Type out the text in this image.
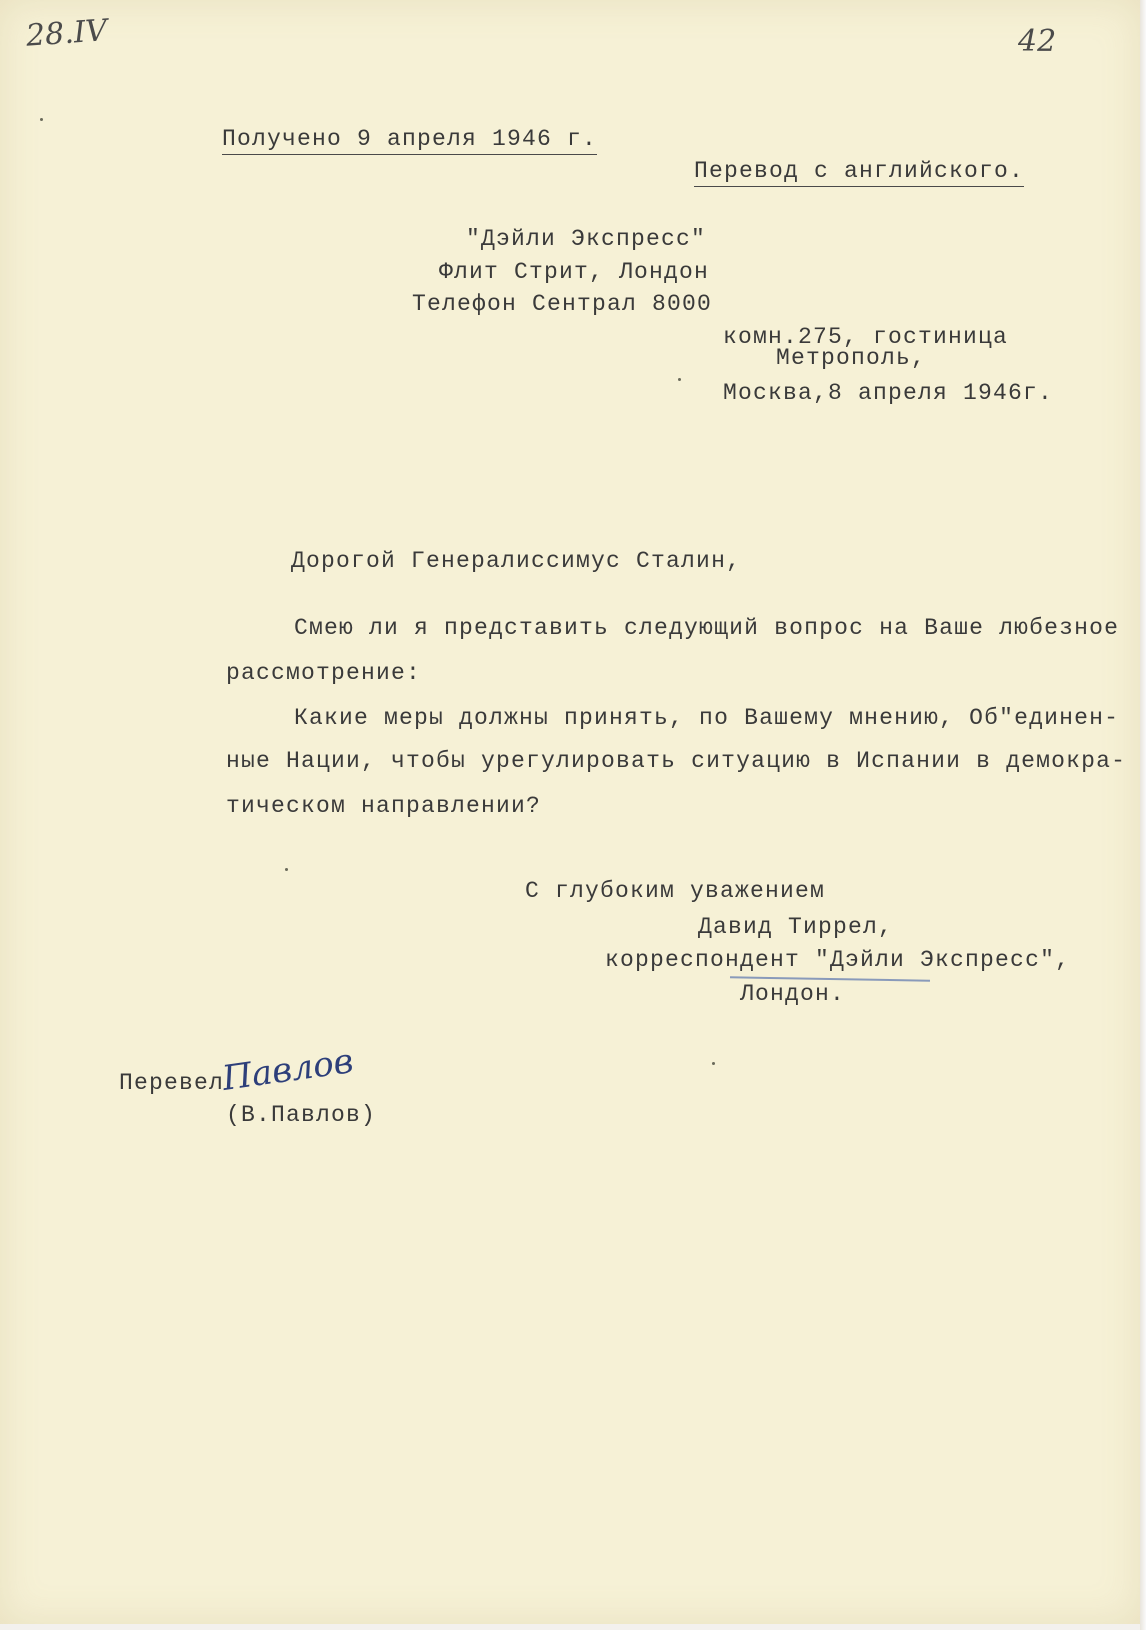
28.IV	42
Получено 9 апреля 1946 г.
Перевод с английского.
"Дэйли Экспресс"
Флит Стрит, Лондон
Телефон Сентрал 8000
комн.275, гостиница
Метрополь,
Москва,8 апреля 1946г.
Дорогой Генералиссимус Сталин,
Смею ли я представить следующий вопрос на Ваше любезное
рассмотрение:
Какие меры должны принять, по Вашему мнению, Об"единен-
ные Нации, чтобы урегулировать ситуацию в Испании в демокра-
тическом направлении?
С глубоким уважением
Давид Тиррел,
корреспондент "Дэйли Экспресс",
Лондон.
Перевел
Павлов
(В.Павлов)
